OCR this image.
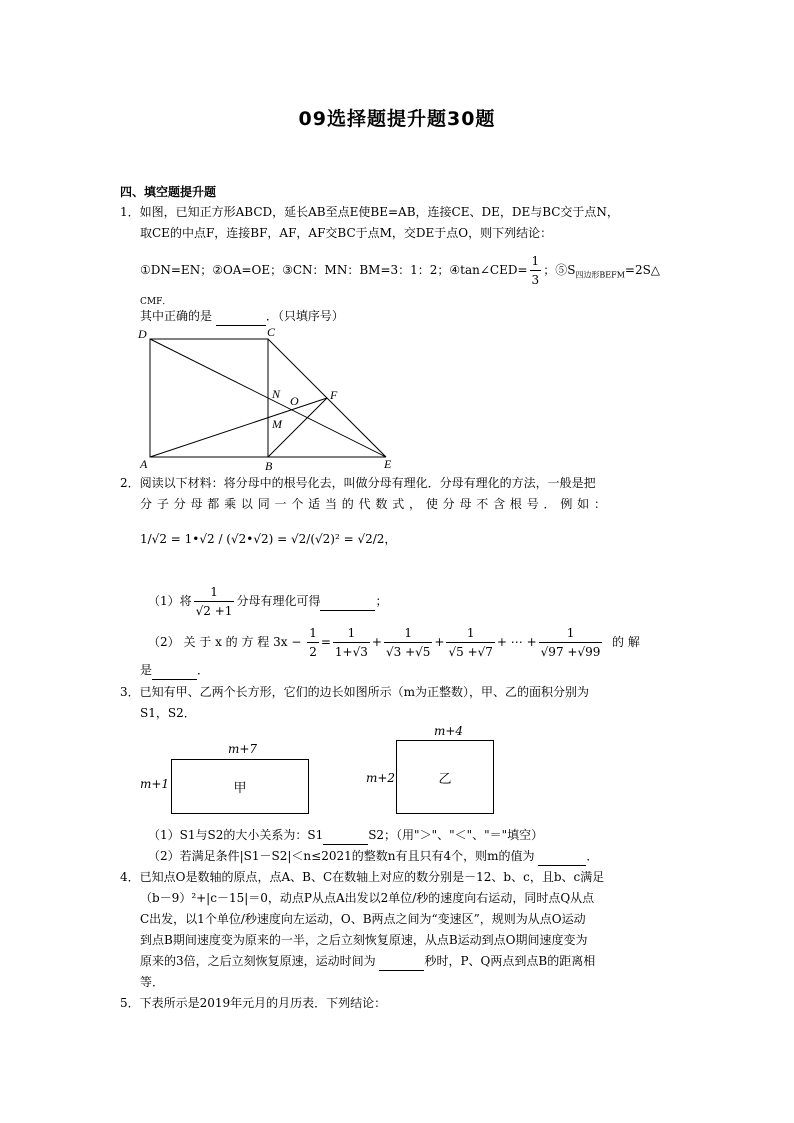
09选择题提升题30题
四、填空题提升题
1．如图，已知正方形ABCD，延长AB至点E使BE=AB，连接CE、DE，DE与BC交于点N，
取CE的中点F，连接BF，AF，AF交BC于点M，交DE于点O，则下列结论：
①DN=EN；②OA=OE；③CN：MN：BM=3：1：2；④tan∠CED= $\frac{1}{3}$ ；$⑤S_{四边形BEFM}=2S\triangle$
CMF．
其中正确的是	．（只填序号）
D	C
N O	F
M
A	B	E
2．阅读以下材料：将分母中的根号化去，叫做分母有理化．分母有理化的方法，一般是把
分 子 分 母 都 乘 以 同 一 个 适 当 的 代 数 式 ， 使 分 母 不 含 根 号 ． 例 如 ：
1/√2 = 1•√2 / (√2•√2) = √2/(√2)² = √2/2，
（1）将 $\frac{1}{√2 +1}$ 分母有理化可得	；
（2） 关 于 x 的 方 程 $3x - \frac{1}{2} = \frac{1}{1+√3} + \frac{1}{√3 +√5} + \frac{1}{√5 +√7}$ + ⋯ + $\frac{1}{√97 +√99}$ 的 解
是	．
3．已知有甲、乙两个长方形，它们的边长如图所示（m为正整数），甲、乙的面积分别为
S1，S2．
m+7
m+1	甲
m+4
m+2	乙
（1）S1与S2的大小关系为：S1	S2；（用"＞"、"＜"、"＝"填空）
（2）若满足条件|S1－S2|＜n≤2021的整数n有且只有4个，则m的值为	．
4．已知点O是数轴的原点，点A、B、C在数轴上对应的数分别是－12、b、c，且b、c满足
（b－9）²+|c－15|＝0，动点P从点A出发以2单位/秒的速度向右运动，同时点Q从点
C出发，以1个单位/秒速度向左运动，O、B两点之间为“变速区”，规则为从点O运动
到点B期间速度变为原来的一半，之后立刻恢复原速，从点B运动到点O期间速度变为
原来的3倍，之后立刻恢复原速，运动时间为	秒时，P、Q两点到点B的距离相
等．
5．下表所示是2019年元月的月历表．下列结论：
